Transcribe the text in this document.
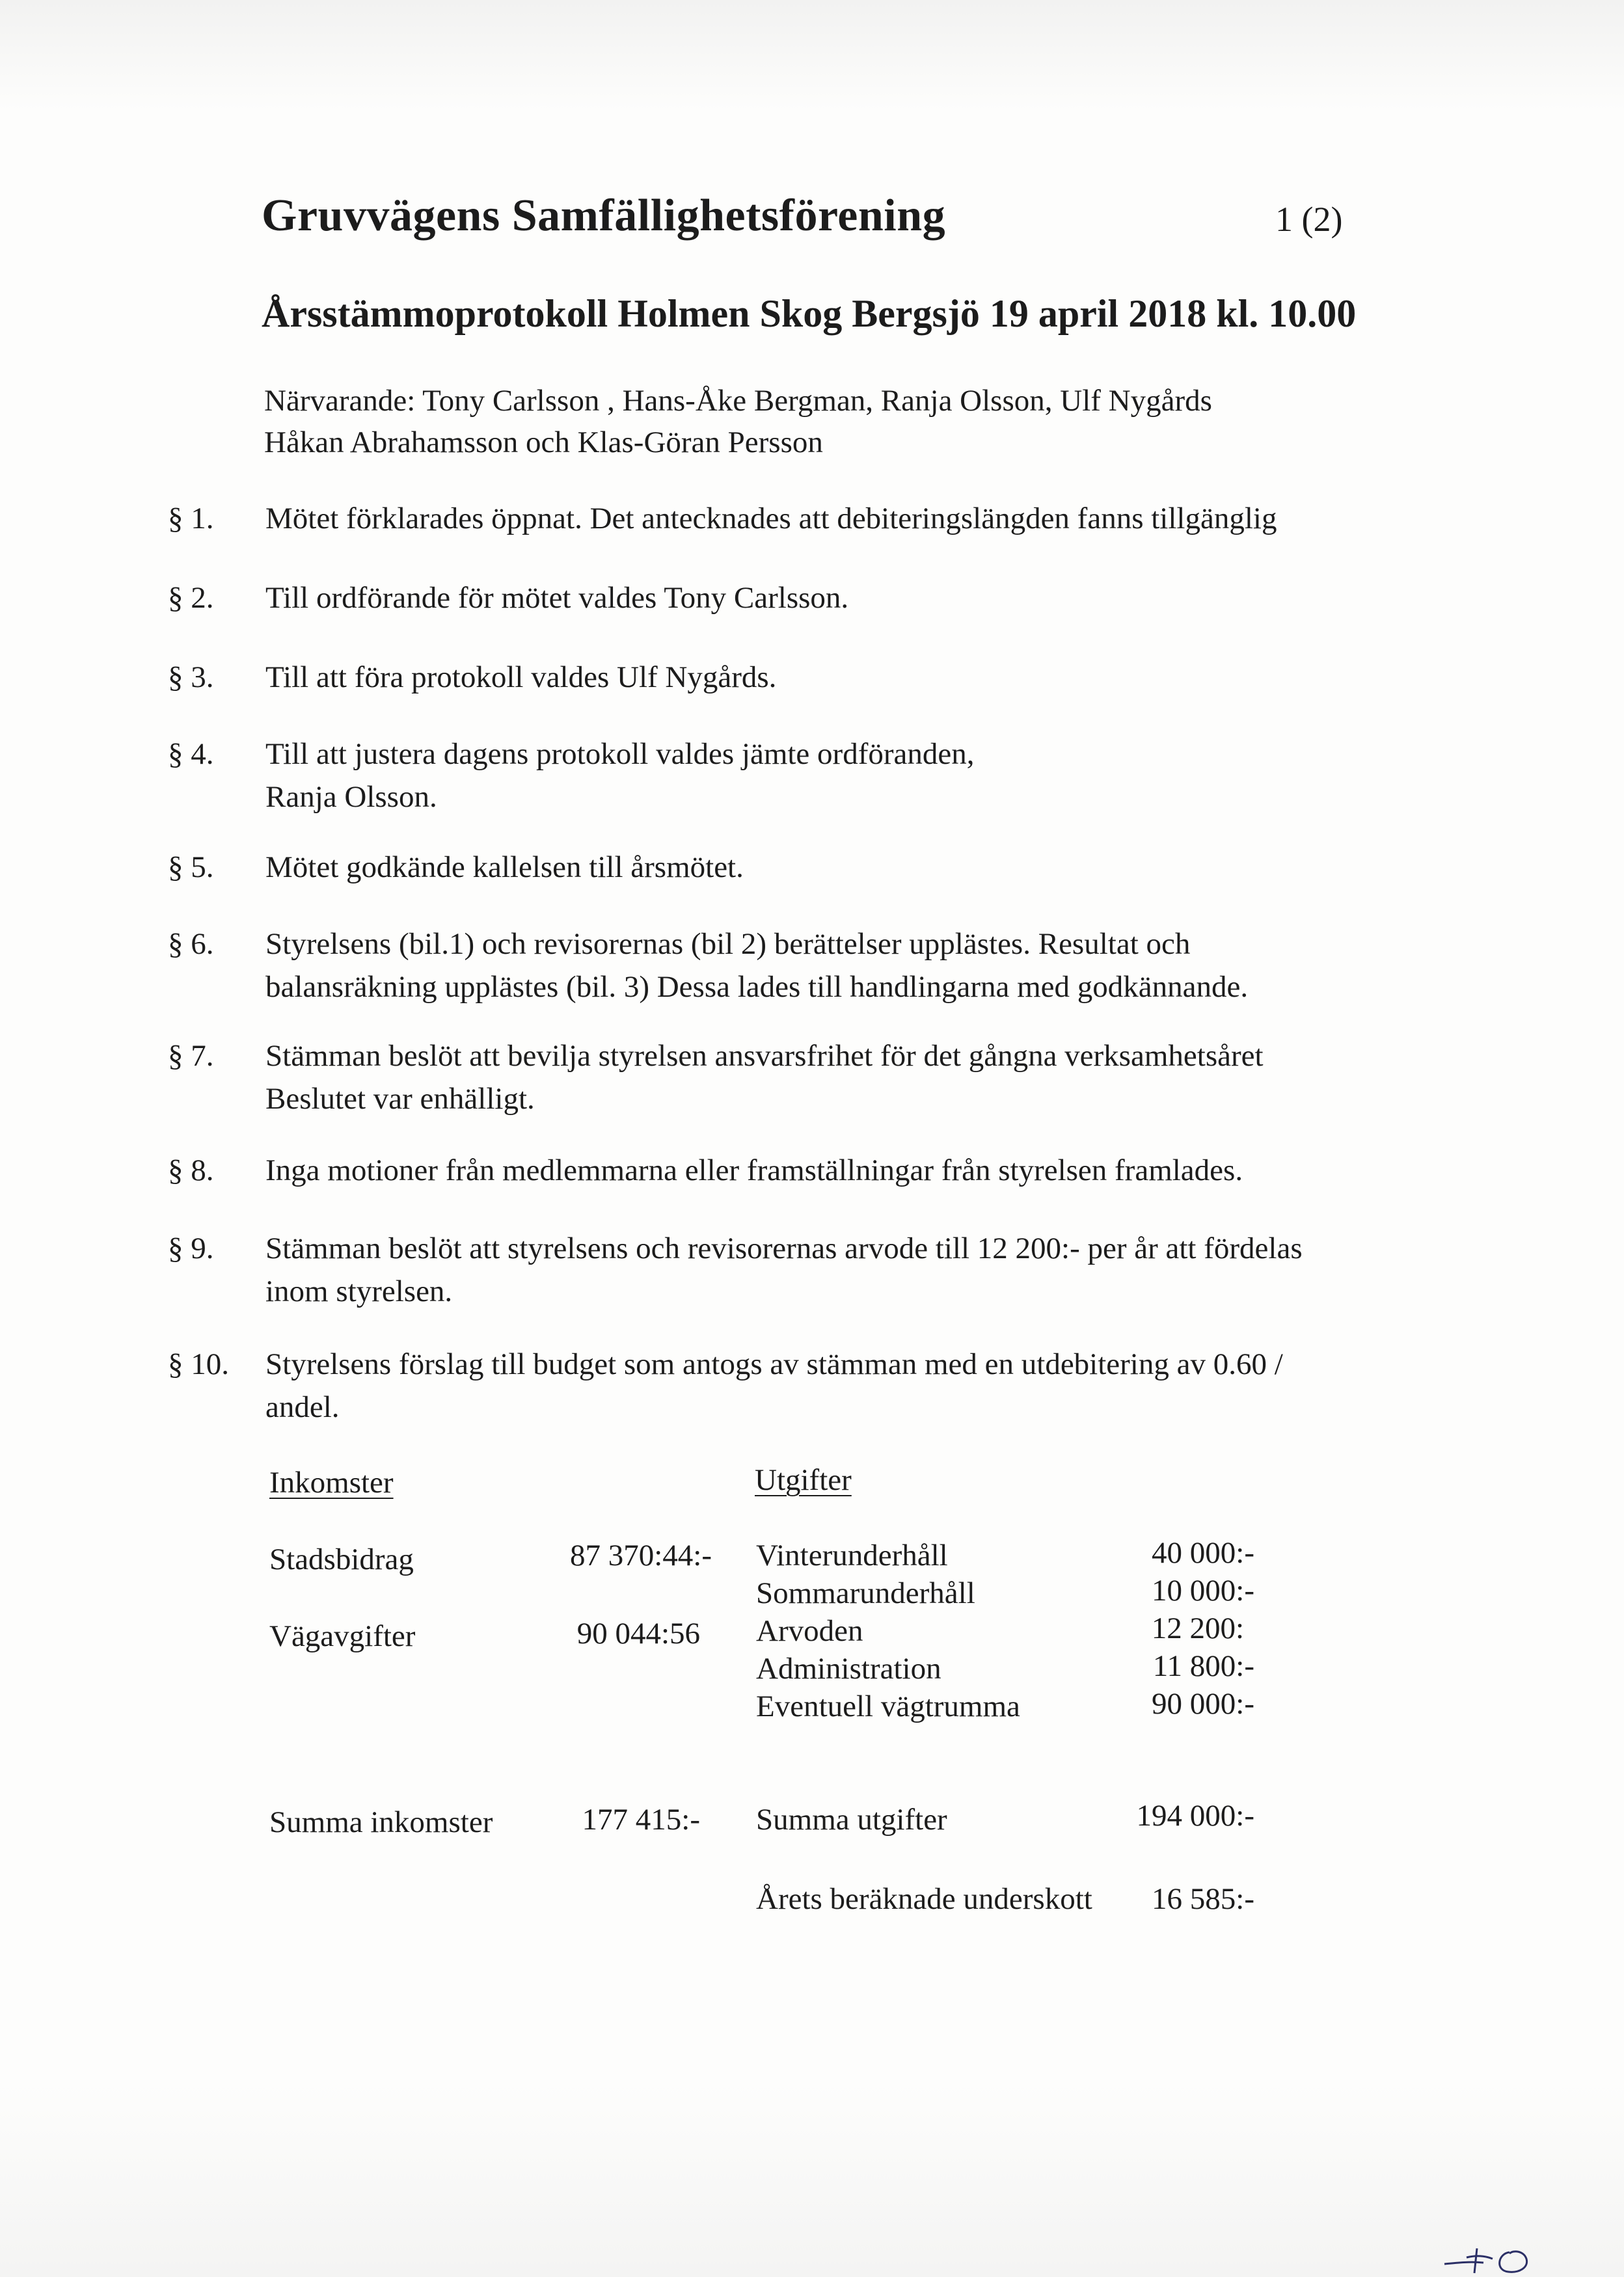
Gruvvägens Samfällighetsförening	1 (2)
Årsstämmoprotokoll Holmen Skog Bergsjö 19 april 2018 kl. 10.00
Närvarande: Tony Carlsson , Hans-Åke Bergman, Ranja Olsson, Ulf Nygårds
Håkan Abrahamsson och Klas-Göran Persson
§ 1. Mötet förklarades öppnat. Det antecknades att debiteringslängden fanns tillgänglig
§ 2. Till ordförande för mötet valdes Tony Carlsson.
§ 3. Till att föra protokoll valdes Ulf Nygårds.
§ 4. Till att justera dagens protokoll valdes jämte ordföranden,
Ranja Olsson.
§ 5. Mötet godkände kallelsen till årsmötet.
§ 6. Styrelsens (bil.1) och revisorernas (bil 2) berättelser upplästes. Resultat och
balansräkning upplästes (bil. 3) Dessa lades till handlingarna med godkännande.
§ 7. Stämman beslöt att bevilja styrelsen ansvarsfrihet för det gångna verksamhetsåret
Beslutet var enhälligt.
§ 8. Inga motioner från medlemmarna eller framställningar från styrelsen framlades.
§ 9. Stämman beslöt att styrelsens och revisorernas arvode till 12 200:- per år att fördelas
inom styrelsen.
§ 10. Styrelsens förslag till budget som antogs av stämman med en utdebitering av 0.60 /
andel.
Inkomster	Utgifter
Stadsbidrag	87 370:44:-
Vägavgifter	90 044:56
Vinterunderhåll	40 000:-
Sommarunderhåll	10 000:-
Arvoden	12 200:
Administration	11 800:-
Eventuell vägtrumma	90 000:-
Summa inkomster	177 415:- Summa utgifter	194 000:-
Årets beräknade underskott	16 585:-
